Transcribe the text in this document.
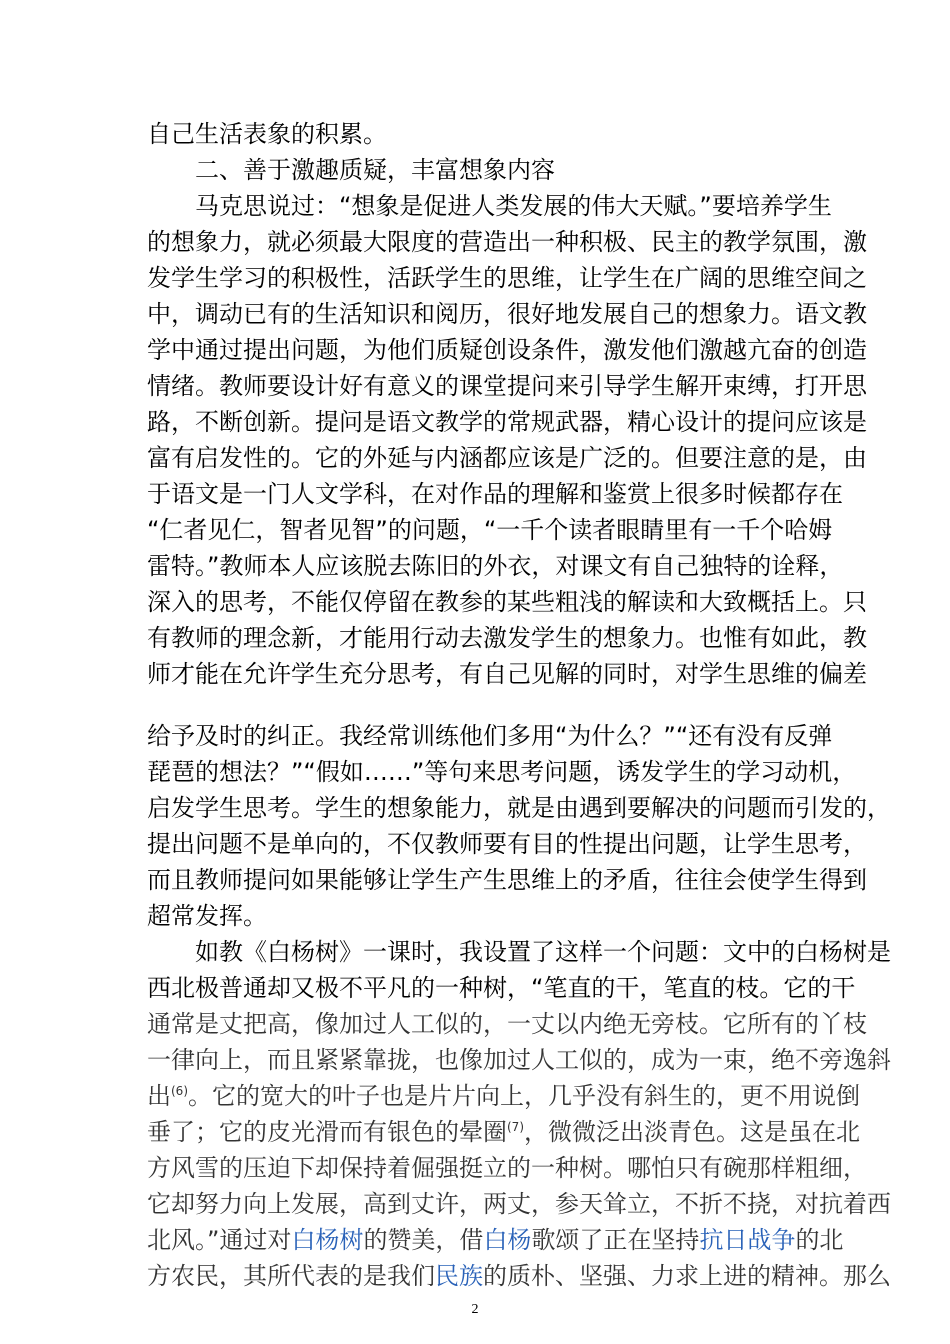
自己生活表象的积累。
二、善于激趣质疑，丰富想象内容
马克思说过：“想象是促进人类发展的伟大天赋。”要培养学生
的想象力，就必须最大限度的营造出一种积极、民主的教学氛围，激
发学生学习的积极性，活跃学生的思维，让学生在广阔的思维空间之
中，调动已有的生活知识和阅历，很好地发展自己的想象力。语文教
学中通过提出问题，为他们质疑创设条件，激发他们激越亢奋的创造
情绪。教师要设计好有意义的课堂提问来引导学生解开束缚，打开思
路，不断创新。提问是语文教学的常规武器，精心设计的提问应该是
富有启发性的。它的外延与内涵都应该是广泛的。但要注意的是，由
于语文是一门人文学科，在对作品的理解和鉴赏上很多时候都存在
“仁者见仁，智者见智”的问题，“一千个读者眼睛里有一千个哈姆
雷特。”教师本人应该脱去陈旧的外衣，对课文有自己独特的诠释，
深入的思考，不能仅停留在教参的某些粗浅的解读和大致概括上。只
有教师的理念新，才能用行动去激发学生的想象力。也惟有如此，教
师才能在允许学生充分思考，有自己见解的同时，对学生思维的偏差
给予及时的纠正。我经常训练他们多用“为什么？”“还有没有反弹
琵琶的想法？”“假如……”等句来思考问题，诱发学生的学习动机，
启发学生思考。学生的想象能力，就是由遇到要解决的问题而引发的，
提出问题不是单向的，不仅教师要有目的性提出问题，让学生思考，
而且教师提问如果能够让学生产生思维上的矛盾，往往会使学生得到
超常发挥。
如教《白杨树》一课时，我设置了这样一个问题：文中的白杨树是
西北极普通却又极不平凡的一种树，“笔直的干，笔直的枝。它的干
通常是丈把高，像加过人工似的，一丈以内绝无旁枝。它所有的丫枝
一律向上，而且紧紧靠拢，也像加过人工似的，成为一束，绝不旁逸斜
出$^{(6)}$。它的宽大的叶子也是片片向上，几乎没有斜生的，更不用说倒
垂了；它的皮光滑而有银色的晕圈$^{(7)}$，微微泛出淡青色。这是虽在北
方风雪的压迫下却保持着倔强挺立的一种树。哪怕只有碗那样粗细，
它却努力向上发展，高到丈许，两丈，参天耸立，不折不挠，对抗着西
北风。”通过对白杨树的赞美，借白杨歌颂了正在坚持抗日战争的北
方农民，其所代表的是我们民族的质朴、坚强、力求上进的精神。那么
2
